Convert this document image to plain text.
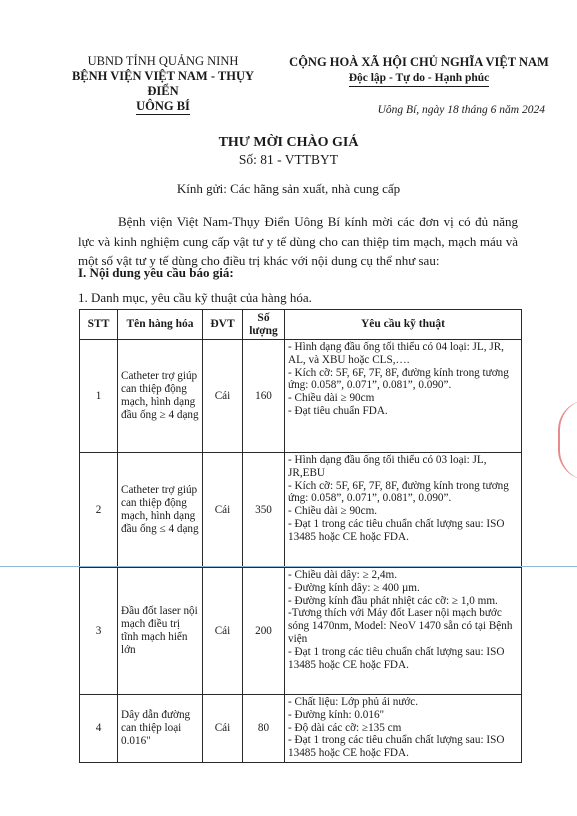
UBND TỈNH QUẢNG NINH
BỆNH VIỆN VIỆT NAM - THỤY ĐIỂN
UÔNG BÍ
CỘNG HOÀ XÃ HỘI CHỦ NGHĨA VIỆT NAM
Độc lập - Tự do - Hạnh phúc
Uông Bí, ngày 18 tháng 6 năm 2024
THƯ MỜI CHÀO GIÁ
Số: 81 - VTTBYT
Kính gửi: Các hãng sản xuất, nhà cung cấp
Bệnh viện Việt Nam-Thụy Điển Uông Bí kính mời các đơn vị có đủ năng lực và kinh nghiệm cung cấp vật tư y tế dùng cho can thiệp tim mạch, mạch máu và một số vật tư y tế dùng cho điều trị khác với nội dung cụ thể như sau:
I. Nội dung yêu cầu báo giá:
1. Danh mục, yêu cầu kỹ thuật của hàng hóa.
STT	Tên hàng hóa	ĐVT	Số lượng	Yêu cầu kỹ thuật
1	Catheter trợ giúp can thiệp động mạch, hình dạng đầu ống ≥ 4 dạng	Cái	160	- Hình dạng đầu ống tối thiểu có 04 loại: JL, JR, AL, và XBU hoặc CLS,….
- Kích cỡ: 5F, 6F, 7F, 8F, đường kính trong tương ứng: 0.058”, 0.071”, 0.081”, 0.090”.
- Chiều dài ≥ 90cm
- Đạt tiêu chuẩn FDA.

2	Catheter trợ giúp can thiệp động mạch, hình dạng đầu ống ≤ 4 dạng	Cái	350	- Hình dạng đầu ống tối thiểu có 03 loại: JL, JR,EBU
- Kích cỡ: 5F, 6F, 7F, 8F, đường kính trong tương ứng: 0.058”, 0.071”, 0.081”, 0.090”.
- Chiều dài ≥ 90cm.
- Đạt 1 trong các tiêu chuẩn chất lượng sau: ISO 13485 hoặc CE hoặc FDA.

3	Đầu đốt laser nội mạch điều trị tĩnh mạch hiển lớn	Cái	200	- Chiều dài dây: ≥ 2,4m.
- Đường kính dây: ≥ 400 µm.
- Đường kính đầu phát nhiệt các cỡ: ≥ 1,0 mm.
-Tương thích với Máy đốt Laser nội mạch bước sóng 1470nm, Model: NeoV 1470 sẵn có tại Bệnh viện
- Đạt 1 trong các tiêu chuẩn chất lượng sau: ISO 13485 hoặc CE hoặc FDA.

4	Dây dẫn đường can thiệp loại 0.016"	Cái	80	- Chất liệu: Lớp phủ ái nước.
- Đường kính: 0.016"
- Độ dài các cỡ: ≥135 cm
- Đạt 1 trong các tiêu chuẩn chất lượng sau: ISO 13485 hoặc CE hoặc FDA.
